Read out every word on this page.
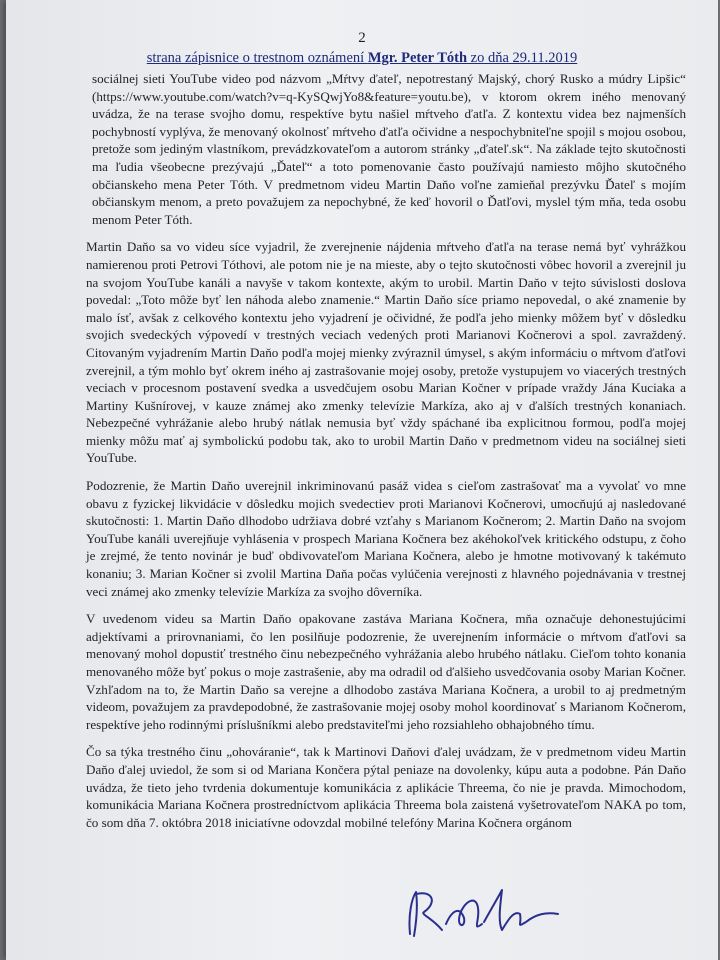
2
strana zápisnice o trestnom oznámení Mgr. Peter Tóth zo dňa 29.11.2019

sociálnej sieti YouTube video pod názvom „Mŕtvy ďateľ, nepotrestaný Majský, chorý Rusko a múdry Lipšic“ (https://www.youtube.com/watch?v=q-KySQwjYo8&feature=youtu.be), v ktorom okrem iného menovaný uvádza, že na terase svojho domu, respektíve bytu našiel mŕtveho ďatľa. Z kontextu videa bez najmenších pochybností vyplýva, že menovaný okolnosť mŕtveho ďatľa očividne a nespochybniteľne spojil s mojou osobou, pretože som jediným vlastníkom, prevádzkovateľom a autorom stránky „ďateľ.sk“. Na základe tejto skutočnosti ma ľudia všeobecne prezývajú „Ďateľ“ a toto pomenovanie často používajú namiesto môjho skutočného občianskeho mena Peter Tóth. V predmetnom videu Martin Daňo voľne zamieňal prezývku Ďateľ s mojím občianskym menom, a preto považujem za nepochybné, že keď hovoril o Ďatľovi, myslel tým mňa, teda osobu menom Peter Tóth.

Martin Daňo sa vo videu síce vyjadril, že zverejnenie nájdenia mŕtveho ďatľa na terase nemá byť vyhrážkou namierenou proti Petrovi Tóthovi, ale potom nie je na mieste, aby o tejto skutočnosti vôbec hovoril a zverejnil ju na svojom YouTube kanáli a navyše v takom kontexte, akým to urobil. Martin Daňo v tejto súvislosti doslova povedal: „Toto môže byť len náhoda alebo znamenie.“ Martin Daňo síce priamo nepovedal, o aké znamenie by malo ísť, avšak z celkového kontextu jeho vyjadrení je očividné, že podľa jeho mienky môžem byť v dôsledku svojich svedeckých výpovedí v trestných veciach vedených proti Marianovi Kočnerovi a spol. zavraždený. Citovaným vyjadrením Martin Daňo podľa mojej mienky zvýraznil úmysel, s akým informáciu o mŕtvom ďatľovi zverejnil, a tým mohlo byť okrem iného aj zastrašovanie mojej osoby, pretože vystupujem vo viacerých trestných veciach v procesnom postavení svedka a usvedčujem osobu Marian Kočner v prípade vraždy Jána Kuciaka a Martiny Kušnírovej, v kauze známej ako zmenky televízie Markíza, ako aj v ďalších trestných konaniach. Nebezpečné vyhrážanie alebo hrubý nátlak nemusia byť vždy spáchané iba explicitnou formou, podľa mojej mienky môžu mať aj symbolickú podobu tak, ako to urobil Martin Daňo v predmetnom videu na sociálnej sieti YouTube.

Podozrenie, že Martin Daňo uverejnil inkriminovanú pasáž videa s cieľom zastrašovať ma a vyvolať vo mne obavu z fyzickej likvidácie v dôsledku mojich svedectiev proti Marianovi Kočnerovi, umocňujú aj nasledované skutočnosti: 1. Martin Daňo dlhodobo udržiava dobré vzťahy s Marianom Kočnerom; 2. Martin Daňo na svojom YouTube kanáli uverejňuje vyhlásenia v prospech Mariana Kočnera bez akéhokoľvek kritického odstupu, z čoho je zrejmé, že tento novinár je buď obdivovateľom Mariana Kočnera, alebo je hmotne motivovaný k takémuto konaniu; 3. Marian Kočner si zvolil Martina Daňa počas vylúčenia verejnosti z hlavného pojednávania v trestnej veci známej ako zmenky televízie Markíza za svojho dôverníka.

V uvedenom videu sa Martin Daňo opakovane zastáva Mariana Kočnera, mňa označuje dehonestujúcimi adjektívami a prirovnaniami, čo len posilňuje podozrenie, že uverejnením informácie o mŕtvom ďatľovi sa menovaný mohol dopustiť trestného činu nebezpečného vyhrážania alebo hrubého nátlaku. Cieľom tohto konania menovaného môže byť pokus o moje zastrašenie, aby ma odradil od ďalšieho usvedčovania osoby Marian Kočner. Vzhľadom na to, že Martin Daňo sa verejne a dlhodobo zastáva Mariana Kočnera, a urobil to aj predmetným videom, považujem za pravdepodobné, že zastrašovanie mojej osoby mohol koordinovať s Marianom Kočnerom, respektíve jeho rodinnými príslušníkmi alebo predstaviteľmi jeho rozsiahleho obhajobného tímu.

Čo sa týka trestného činu „ohováranie“, tak k Martinovi Daňovi ďalej uvádzam, že v predmetnom videu Martin Daňo ďalej uviedol, že som si od Mariana Končera pýtal peniaze na dovolenky, kúpu auta a podobne. Pán Daňo uvádza, že tieto jeho tvrdenia dokumentuje komunikácia z aplikácie Threema, čo nie je pravda. Mimochodom, komunikácia Mariana Kočnera prostredníctvom aplikácia Threema bola zaistená vyšetrovateľom NAKA po tom, čo som dňa 7. októbra 2018 iniciatívne odovzdal mobilné telefóny Marina Kočnera orgánom
